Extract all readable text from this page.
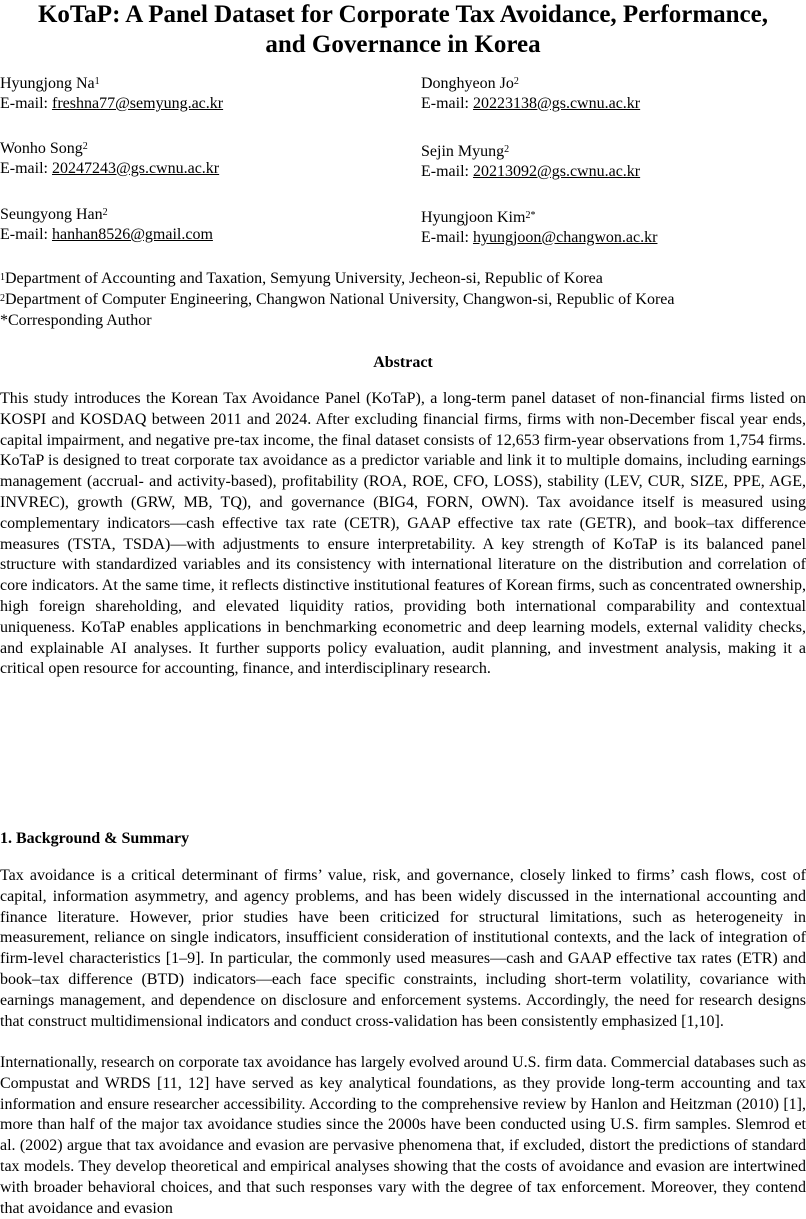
KoTaP: A Panel Dataset for Corporate Tax Avoidance, Performance,
and Governance in Korea
Hyungjong Na$^1$
E-mail: freshna77@semyung.ac.kr
Donghyeon Jo$^2$
E-mail: 20223138@gs.cwnu.ac.kr
Wonho Song$^2$
E-mail: 20247243@gs.cwnu.ac.kr
Sejin Myung$^2$
E-mail: 20213092@gs.cwnu.ac.kr
Seungyong Han$^2$
E-mail: hanhan8526@gmail.com
Hyungjoon Kim$^{2*}$
E-mail: hyungjoon@changwon.ac.kr
$^1$Department of Accounting and Taxation, Semyung University, Jecheon-si, Republic of Korea
$^2$Department of Computer Engineering, Changwon National University, Changwon-si, Republic of Korea
*Corresponding Author
Abstract
This study introduces the Korean Tax Avoidance Panel (KoTaP), a long-term panel dataset of non-financial firms listed on KOSPI and KOSDAQ between 2011 and 2024. After excluding financial firms, firms with non-December fiscal year ends, capital impairment, and negative pre-tax income, the final dataset consists of 12,653 firm-year observations from 1,754 firms. KoTaP is designed to treat corporate tax avoidance as a predictor variable and link it to multiple domains, including earnings management (accrual- and activity-based), profitability (ROA, ROE, CFO, LOSS), stability (LEV, CUR, SIZE, PPE, AGE, INVREC), growth (GRW, MB, TQ), and governance (BIG4, FORN, OWN). Tax avoidance itself is measured using complementary indicators—cash effective tax rate (CETR), GAAP effective tax rate (GETR), and book–tax difference measures (TSTA, TSDA)—with adjustments to ensure interpretability. A key strength of KoTaP is its balanced panel structure with standardized variables and its consistency with international literature on the distribution and correlation of core indicators. At the same time, it reflects distinctive institutional features of Korean firms, such as concentrated ownership, high foreign shareholding, and elevated liquidity ratios, providing both international comparability and contextual uniqueness. KoTaP enables applications in benchmarking econometric and deep learning models, external validity checks, and explainable AI analyses. It further supports policy evaluation, audit planning, and investment analysis, making it a critical open resource for accounting, finance, and interdisciplinary research.
1. Background & Summary
Tax avoidance is a critical determinant of firms’ value, risk, and governance, closely linked to firms’ cash flows, cost of capital, information asymmetry, and agency problems, and has been widely discussed in the international accounting and finance literature. However, prior studies have been criticized for structural limitations, such as heterogeneity in measurement, reliance on single indicators, insufficient consideration of institutional contexts, and the lack of integration of firm-level characteristics [1–9]. In particular, the commonly used measures—cash and GAAP effective tax rates (ETR) and book–tax difference (BTD) indicators—each face specific constraints, including short-term volatility, covariance with earnings management, and dependence on disclosure and enforcement systems. Accordingly, the need for research designs that construct multidimensional indicators and conduct cross-validation has been consistently emphasized [1,10].
Internationally, research on corporate tax avoidance has largely evolved around U.S. firm data. Commercial databases such as Compustat and WRDS [11, 12] have served as key analytical foundations, as they provide long-term accounting and tax information and ensure researcher accessibility. According to the comprehensive review by Hanlon and Heitzman (2010) [1], more than half of the major tax avoidance studies since the 2000s have been conducted using U.S. firm samples. Slemrod et al. (2002) argue that tax avoidance and evasion are pervasive phenomena that, if excluded, distort the predictions of standard tax models. They develop theoretical and empirical analyses showing that the costs of avoidance and evasion are intertwined with broader behavioral choices, and that such responses vary with the degree of tax enforcement. Moreover, they contend that avoidance and evasion
